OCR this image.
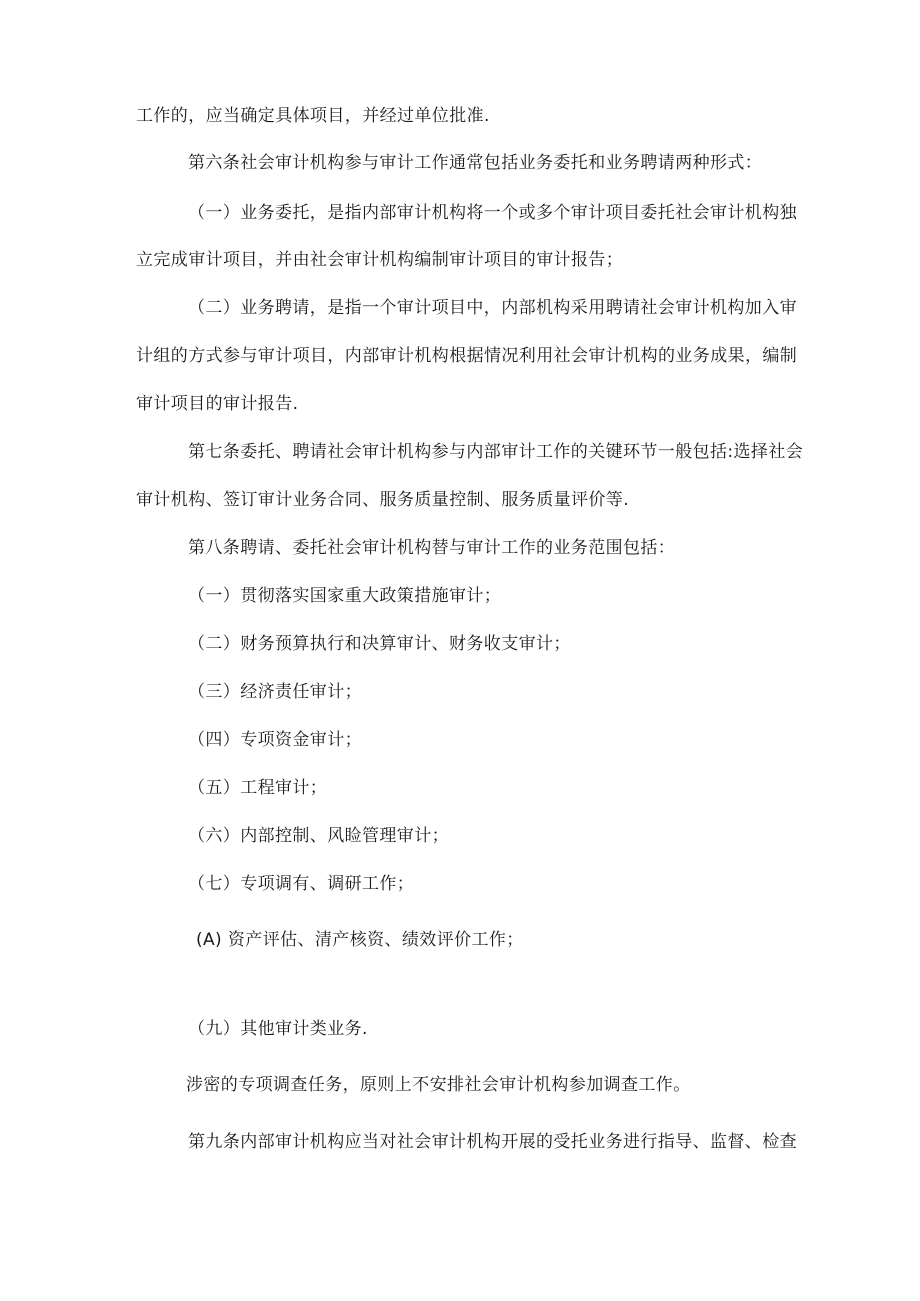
工作的，应当确定具体项目，并经过单位批准.
第六条社会审计机构参与审计工作通常包括业务委托和业务聘请两种形式：
（一）业务委托，是指内部审计机构将一个或多个审计项目委托社会审计机构独
立完成审计项目，并由社会审计机构编制审计项目的审计报告；
（二）业务聘请，是指一个审计项目中，内部机构采用聘请社会审计机构加入审
计组的方式参与审计项目，内部审计机构根据情况利用社会审计机构的业务成果，编制
审计项目的审计报告.
第七条委托、聘请社会审计机构参与内部审计工作的关键环节一般包括:选择社会
审计机构、签订审计业务合同、服务质量控制、服务质量评价等.
第八条聘请、委托社会审计机构替与审计工作的业务范围包括：
（一）贯彻落实国家重大政策措施审计；
（二）财务预算执行和决算审计、财务收支审计；
（三）经济责任审计；
（四）专项资金审计；
（五）工程审计；
（六）内部控制、风睑管理审计；
（七）专项调有、调研工作；
(A) 资产评估、清产核资、绩效评价工作；
（九）其他审计类业务.
涉密的专项调查任务，原则上不安排社会审计机构参加调查工作。
第九条内部审计机构应当对社会审计机构开展的受托业务进行指导、监督、检查
